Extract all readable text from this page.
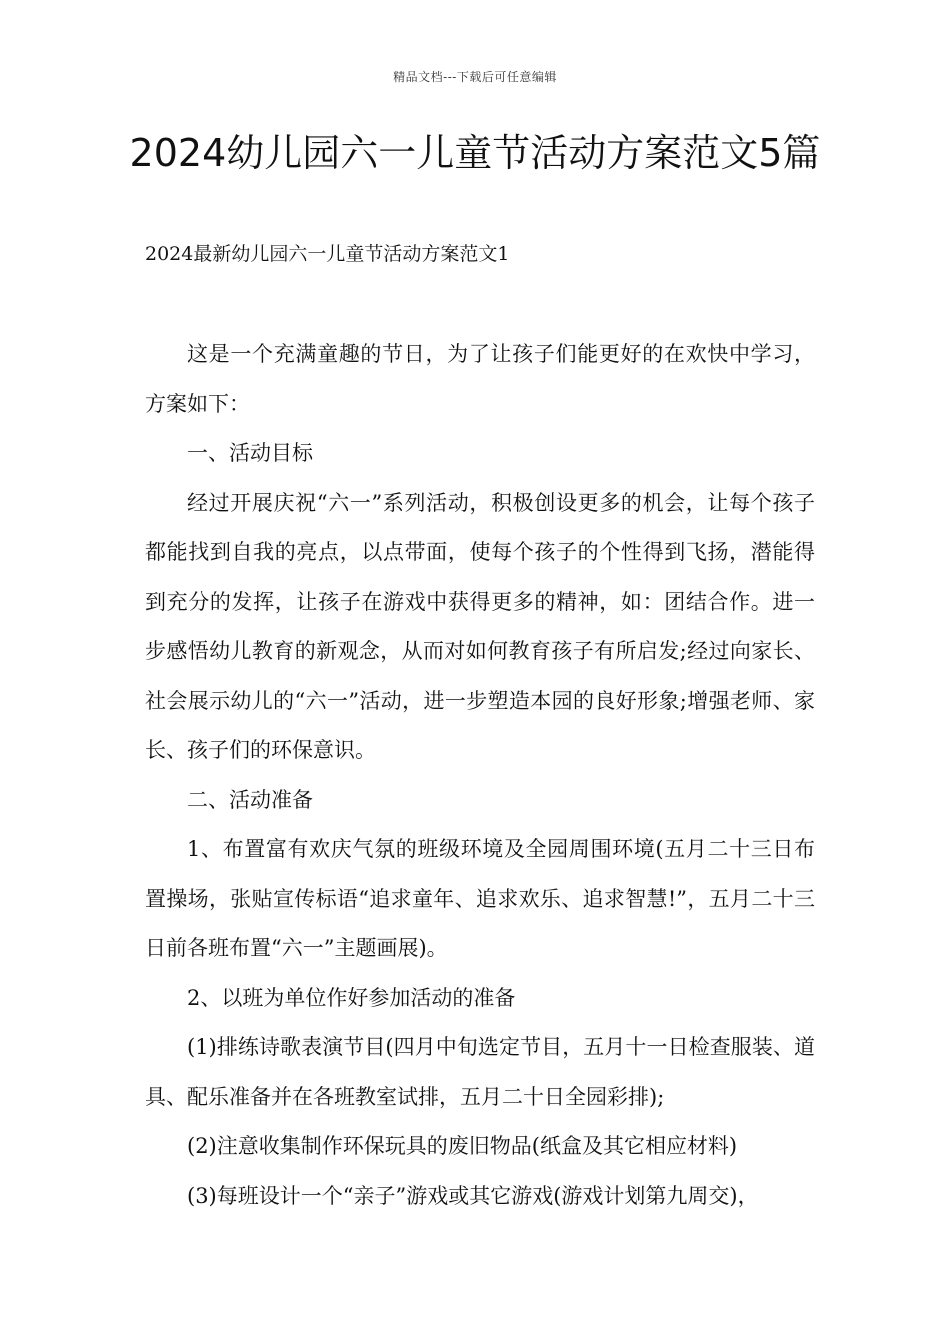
精品文档---下载后可任意编辑
2024幼儿园六一儿童节活动方案范文5篇
2024最新幼儿园六一儿童节活动方案范文1

这是一个充满童趣的节日，为了让孩子们能更好的在欢快中学习，方案如下：

一、活动目标

经过开展庆祝“六一”系列活动，积极创设更多的机会，让每个孩子都能找到自我的亮点，以点带面，使每个孩子的个性得到飞扬，潜能得到充分的发挥，让孩子在游戏中获得更多的精神，如：团结合作。进一步感悟幼儿教育的新观念，从而对如何教育孩子有所启发;经过向家长、社会展示幼儿的“六一”活动，进一步塑造本园的良好形象;增强老师、家长、孩子们的环保意识。

二、活动准备

1、布置富有欢庆气氛的班级环境及全园周围环境(五月二十三日布置操场，张贴宣传标语“追求童年、追求欢乐、追求智慧!”，五月二十三日前各班布置“六一”主题画展)。

2、以班为单位作好参加活动的准备

(1)排练诗歌表演节目(四月中旬选定节目，五月十一日检查服装、道具、配乐准备并在各班教室试排，五月二十日全园彩排);

(2)注意收集制作环保玩具的废旧物品(纸盒及其它相应材料)

(3)每班设计一个“亲子”游戏或其它游戏(游戏计划第九周交)，
